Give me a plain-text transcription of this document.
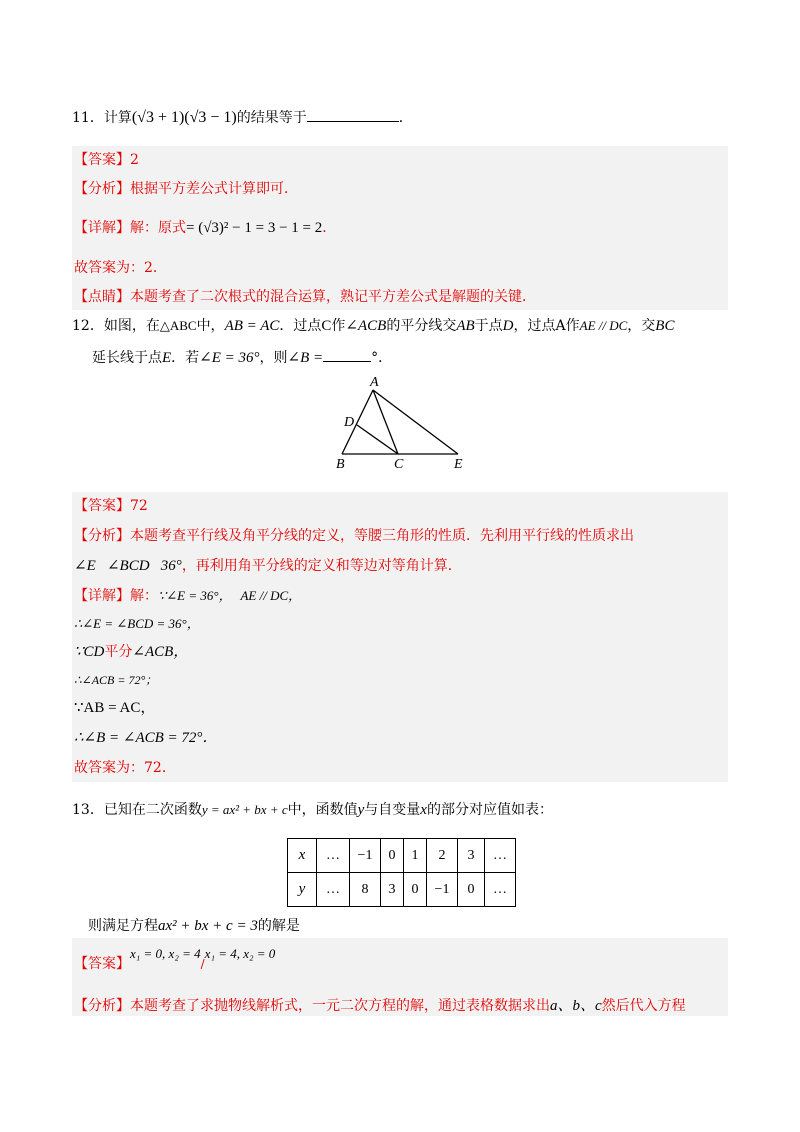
11．计算(√3 + 1)(√3 − 1)的结果等于	．
【答案】2
【分析】根据平方差公式计算即可．
【详解】解：原式= (√3)² − 1 = 3 − 1 = 2．
故答案为：2．
【点睛】本题考查了二次根式的混合运算，熟记平方差公式是解题的关键．
12．如图，在△ABC中，AB = AC．过点C作∠ACB的平分线交AB于点D，过点A作AE // DC，交BC
延长线于点E．若∠E = 36°，则∠B =	°．
A
D
B	C	E
【答案】72
【分析】本题考查平行线及角平分线的定义，等腰三角形的性质．先利用平行线的性质求出
∠E   ∠BCD   36°，再利用角平分线的定义和等边对等角计算．
【详解】解：∵∠E = 36°， AE // DC，
∴∠E = ∠BCD = 36°，
∵CD平分∠ACB，
∴∠ACB = 72°；
∵AB = AC，
∴∠B = ∠ACB = 72°．
故答案为：72．
13．已知在二次函数y = ax² + bx + c中，函数值y与自变量x的部分对应值如表：
x	…	−1	0	1	2	3	…
y	…	8	3	0	−1	0	…
则满足方程ax² + bx + c = 3的解是
【答案】x₁ = 0, x₂ = 4/x₁ = 4, x₂ = 0
【分析】本题考查了求抛物线解析式，一元二次方程的解，通过表格数据求出a、b、c然后代入方程
